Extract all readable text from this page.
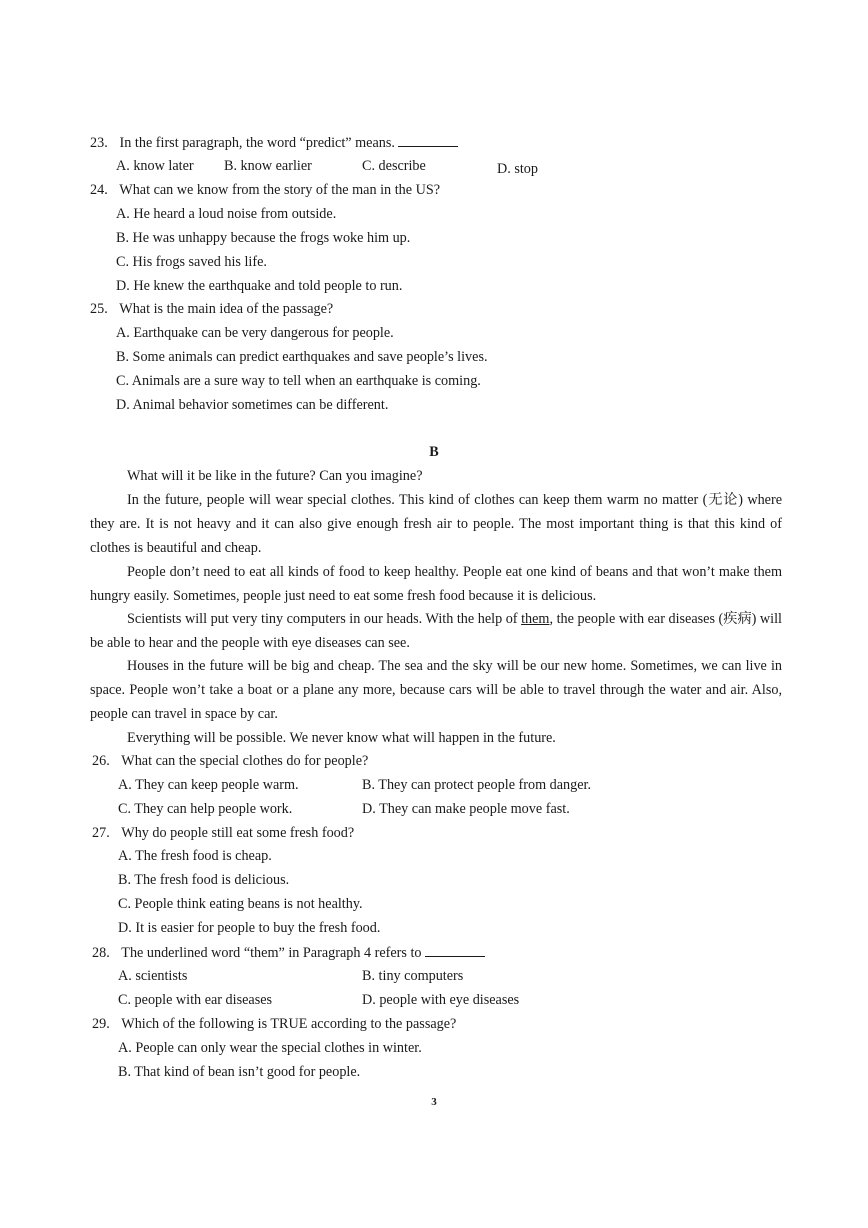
23. In the first paragraph, the word “predict” means.
A. know later B. know earlier	C. describe	D. stop
24. What can we know from the story of the man in the US?
A. He heard a loud noise from outside.
B. He was unhappy because the frogs woke him up.
C. His frogs saved his life.
D. He knew the earthquake and told people to run.
25. What is the main idea of the passage?
A. Earthquake can be very dangerous for people.
B. Some animals can predict earthquakes and save people’s lives.
C. Animals are a sure way to tell when an earthquake is coming.
D. Animal behavior sometimes can be different.
B
What will it be like in the future? Can you imagine?
In the future, people will wear special clothes. This kind of clothes can keep them warm no matter (无论) where they are. It is not heavy and it can also give enough fresh air to people. The most important thing is that this kind of clothes is beautiful and cheap.
People don’t need to eat all kinds of food to keep healthy. People eat one kind of beans and that won’t make them hungry easily. Sometimes, people just need to eat some fresh food because it is delicious.
Scientists will put very tiny computers in our heads. With the help of them, the people with ear diseases (疾病) will be able to hear and the people with eye diseases can see.
Houses in the future will be big and cheap. The sea and the sky will be our new home. Sometimes, we can live in space. People won’t take a boat or a plane any more, because cars will be able to travel through the water and air. Also, people can travel in space by car.
Everything will be possible. We never know what will happen in the future.
26. What can the special clothes do for people?
A. They can keep people warm.	B. They can protect people from danger.
C. They can help people work.	D. They can make people move fast.
27. Why do people still eat some fresh food?
A. The fresh food is cheap.
B. The fresh food is delicious.
C. People think eating beans is not healthy.
D. It is easier for people to buy the fresh food.
28. The underlined word “them” in Paragraph 4 refers to
A. scientists	B. tiny computers
C. people with ear diseases	D. people with eye diseases
29. Which of the following is TRUE according to the passage?
A. People can only wear the special clothes in winter.
B. That kind of bean isn’t good for people.
3
